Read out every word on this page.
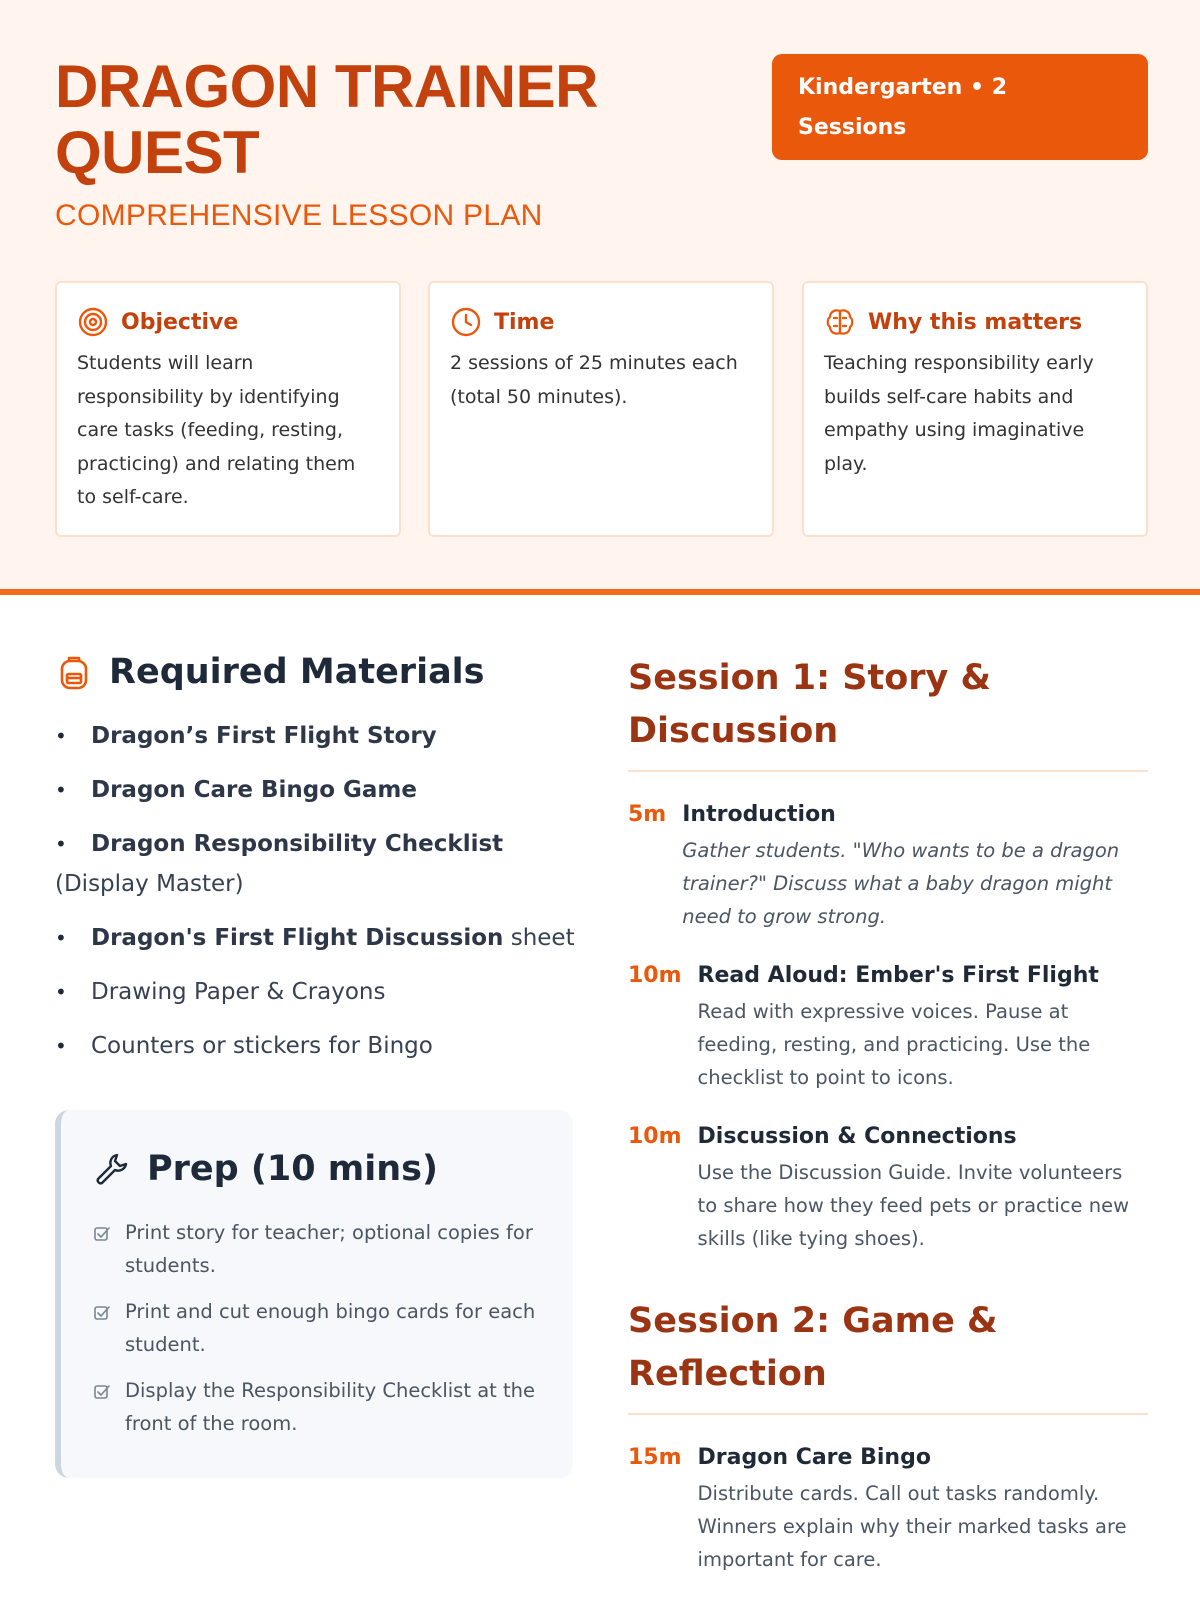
DRAGON TRAINER QUEST
COMPREHENSIVE LESSON PLAN
Kindergarten • 2 Sessions
Objective

Students will learn responsibility by identifying care tasks (feeding, resting, practicing) and relating them to self-care.

Time

2 sessions of 25 minutes each (total 50 minutes).

Why this matters

Teaching responsibility early builds self-care habits and empathy using imaginative play.

Required Materials
• Dragon’s First Flight Story
• Dragon Care Bingo Game
• Dragon Responsibility Checklist (Display Master)
• Dragon's First Flight Discussion sheet
• Drawing Paper & Crayons
• Counters or stickers for Bingo
Prep (10 mins)
Print story for teacher; optional copies for students.
Print and cut enough bingo cards for each student.
Display the Responsibility Checklist at the front of the room.
Session 1: Story & Discussion
5m Introduction
Gather students. "Who wants to be a dragon trainer?" Discuss what a baby dragon might need to grow strong.
10m Read Aloud: Ember's First Flight
Read with expressive voices. Pause at feeding, resting, and practicing. Use the checklist to point to icons.
10m Discussion & Connections
Use the Discussion Guide. Invite volunteers to share how they feed pets or practice new skills (like tying shoes).
Session 2: Game & Reflection
15m Dragon Care Bingo
Distribute cards. Call out tasks randomly. Winners explain why their marked tasks are important for care.
